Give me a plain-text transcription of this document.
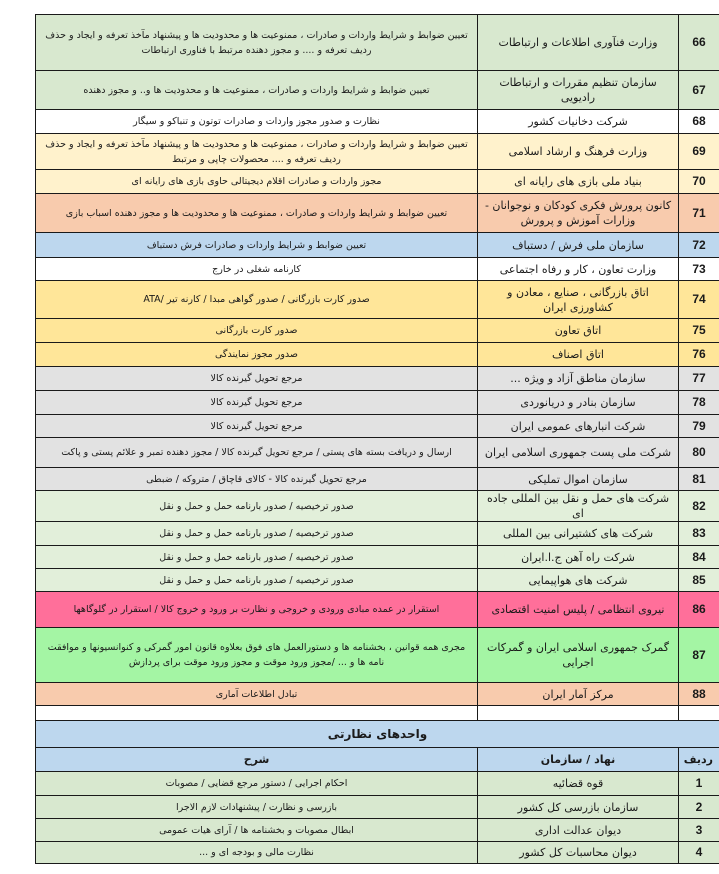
66	وزارت فنآوری اطلاعات و ارتباطات	تعیین ضوابط و شرایط واردات و صادرات ، ممنوعیت ها و محدودیت ها و پیشنهاد مآخذ تعرفه و ایجاد و حذف ردیف تعرفه و .... و مجوز دهنده مرتبط با فناوری ارتباطات
67	سازمان تنظیم مقررات و ارتباطات رادیویی	تعیین ضوابط و شرایط واردات و صادرات ، ممنوعیت ها و محدودیت ها و.. و مجوز دهنده
68	شرکت دخانیات کشور	نظارت و صدور مجوز واردات و صادرات توتون و تنباکو و سیگار
69	وزارت فرهنگ و ارشاد اسلامی	تعیین ضوابط و شرایط واردات و صادرات ، ممنوعیت ها و محدودیت ها و پیشنهاد مآخذ تعرفه و ایجاد و حذف ردیف تعرفه و .... محصولات چاپی و مرتبط
70	بنیاد ملی بازی های رایانه ای	مجوز واردات و صادرات اقلام دیجیتالی حاوی بازی های رایانه ای
71	کانون پرورش فکری کودکان و نوجوانان - وزارات آموزش و پرورش	تعیین ضوابط و شرایط واردات و صادرات ، ممنوعیت ها و محدودیت ها و مجوز دهنده اسباب بازی
72	سازمان ملی فرش / دستباف	تعیین ضوابط و شرایط واردات و صادرات فرش دستباف
73	وزارت تعاون ، کار و رفاه اجتماعی	کارنامه شغلی در خارج
74	اتاق بازرگانی ، صنایع ، معادن و کشاورزی ایران	صدور کارت بازرگانی / صدور گواهی مبدا / کارنه تیر /ATA
75	اتاق تعاون	صدور کارت بازرگانی
76	اتاق اصناف	صدور مجوز نمایندگی
77	سازمان مناطق آزاد و ویژه ...	مرجع تحویل گیرنده کالا
78	سازمان بنادر و دریانوردی	مرجع تحویل گیرنده کالا
79	شرکت انبارهای عمومی ایران	مرجع تحویل گیرنده کالا
80	شرکت ملی پست جمهوری اسلامی ایران	ارسال و دریافت بسته های پستی / مرجع تحویل گیرنده کالا / مجوز دهنده تمبر و علائم پستی و پاکت
81	سازمان اموال تملیکی	مرجع تحویل گیرنده کالا - کالای قاچاق / متروکه / ضبطی
82	شرکت های حمل و نقل بین المللی جاده ای	صدور ترخیصیه / صدور بارنامه حمل و حمل و نقل
83	شرکت های کشتیرانی بین المللی	صدور ترخیصیه / صدور بارنامه حمل و حمل و نقل
84	شرکت راه آهن ج.ا.ایران	صدور ترخیصیه / صدور بارنامه حمل و حمل و نقل
85	شرکت های هواپیمایی	صدور ترخیصیه / صدور بارنامه حمل و حمل و نقل
86	نیروی انتظامی / پلیس امنیت اقتصادی	استقرار در عمده مبادی ورودی و خروجی و نظارت بر ورود و خروج کالا / استقرار در گلوگاهها
87	گمرک جمهوری اسلامی ایران و گمرکات اجرایی	مجری همه قوانین ، بخشنامه ها و دستورالعمل های فوق بعلاوه قانون امور گمرکی و کنوانسیونها و موافقت نامه ها و ... /مجوز ورود موقت و مجوز ورود موقت برای پردازش
88	مرکز آمار ایران	تبادل اطلاعات آماری

واحدهای نظارتی		
ردیف	نهاد / سازمان	شرح
1	قوه قضائیه	احکام اجرایی / دستور مرجع قضایی / مصوبات
2	سازمان بازرسی کل کشور	بازرسی و نظارت / پیشنهادات لازم الاجرا
3	دیوان عدالت اداری	ابطال مصوبات و بخشنامه ها / آرای هیات عمومی
4	دیوان محاسبات کل کشور	نظارت مالی و بودجه ای و ...
